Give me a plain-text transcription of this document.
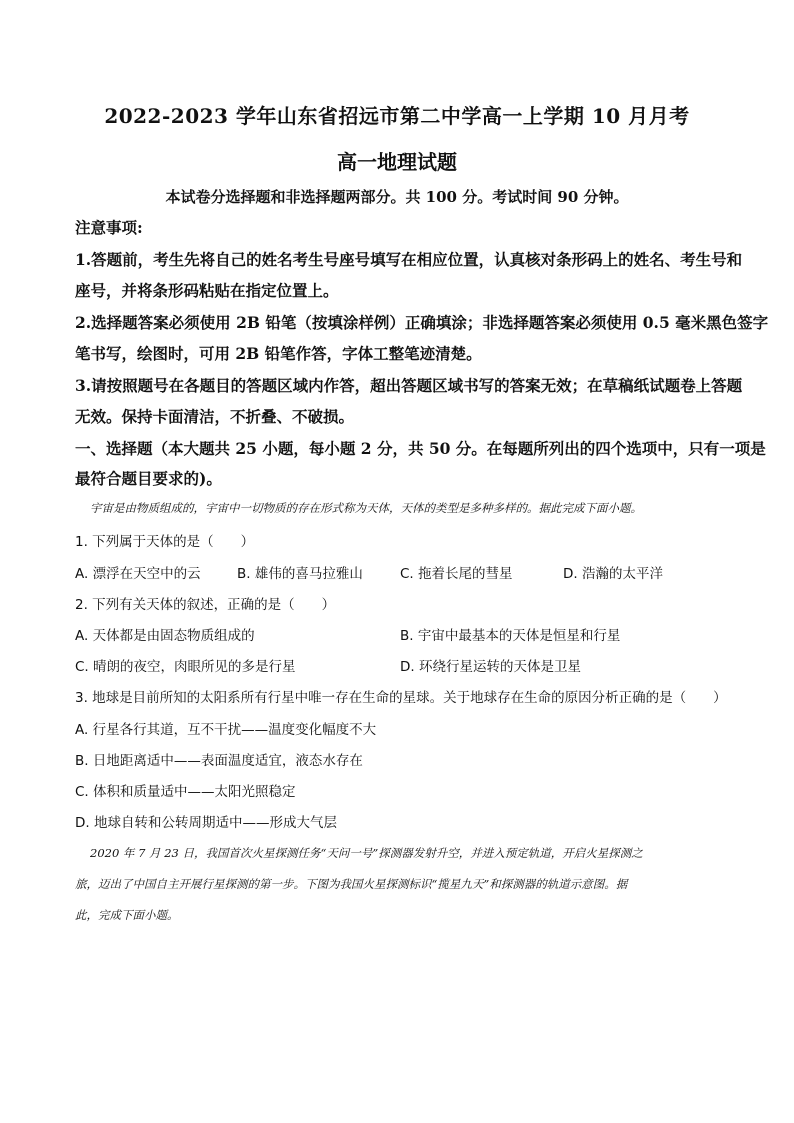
2022-2023 学年山东省招远市第二中学高一上学期 10 月月考
高一地理试题
本试卷分选择题和非选择题两部分。共 100 分。考试时间 90 分钟。
注意事项:
1.答题前，考生先将自己的姓名考生号座号填写在相应位置，认真核对条形码上的姓名、考生号和
座号，并将条形码粘贴在指定位置上。
2.选择题答案必须使用 2B 铅笔（按填涂样例）正确填涂；非选择题答案必须使用 0.5 毫米黑色签字
笔书写，绘图时，可用 2B 铅笔作答，字体工整笔迹清楚。
3.请按照题号在各题目的答题区域内作答，超出答题区域书写的答案无效；在草稿纸试题卷上答题
无效。保持卡面清洁，不折叠、不破损。
一、选择题（本大题共 25 小题，每小题 2 分，共 50 分。在每题所列出的四个选项中，只有一项是
最符合题目要求的)。
宇宙是由物质组成的，宇宙中一切物质的存在形式称为天体，天体的类型是多种多样的。据此完成下面小题。
1. 下列属于天体的是（　　）
A. 漂浮在天空中的云	B. 雄伟的喜马拉雅山	C. 拖着长尾的彗星	D. 浩瀚的太平洋
2. 下列有关天体的叙述，正确的是（　　）
A. 天体都是由固态物质组成的	B. 宇宙中最基本的天体是恒星和行星
C. 晴朗的夜空，肉眼所见的多是行星	D. 环绕行星运转的天体是卫星
3. 地球是目前所知的太阳系所有行星中唯一存在生命的星球。关于地球存在生命的原因分析正确的是（　　）
A. 行星各行其道，互不干扰——温度变化幅度不大
B. 日地距离适中——表面温度适宜，液态水存在
C. 体积和质量适中——太阳光照稳定
D. 地球自转和公转周期适中——形成大气层
2020 年 7 月 23 日，我国首次火星探测任务“天问一号”探测器发射升空，并进入预定轨道，开启火星探测之
旅，迈出了中国自主开展行星探测的第一步。下图为我国火星探测标识“揽星九天”和探测器的轨道示意图。据
此，完成下面小题。
